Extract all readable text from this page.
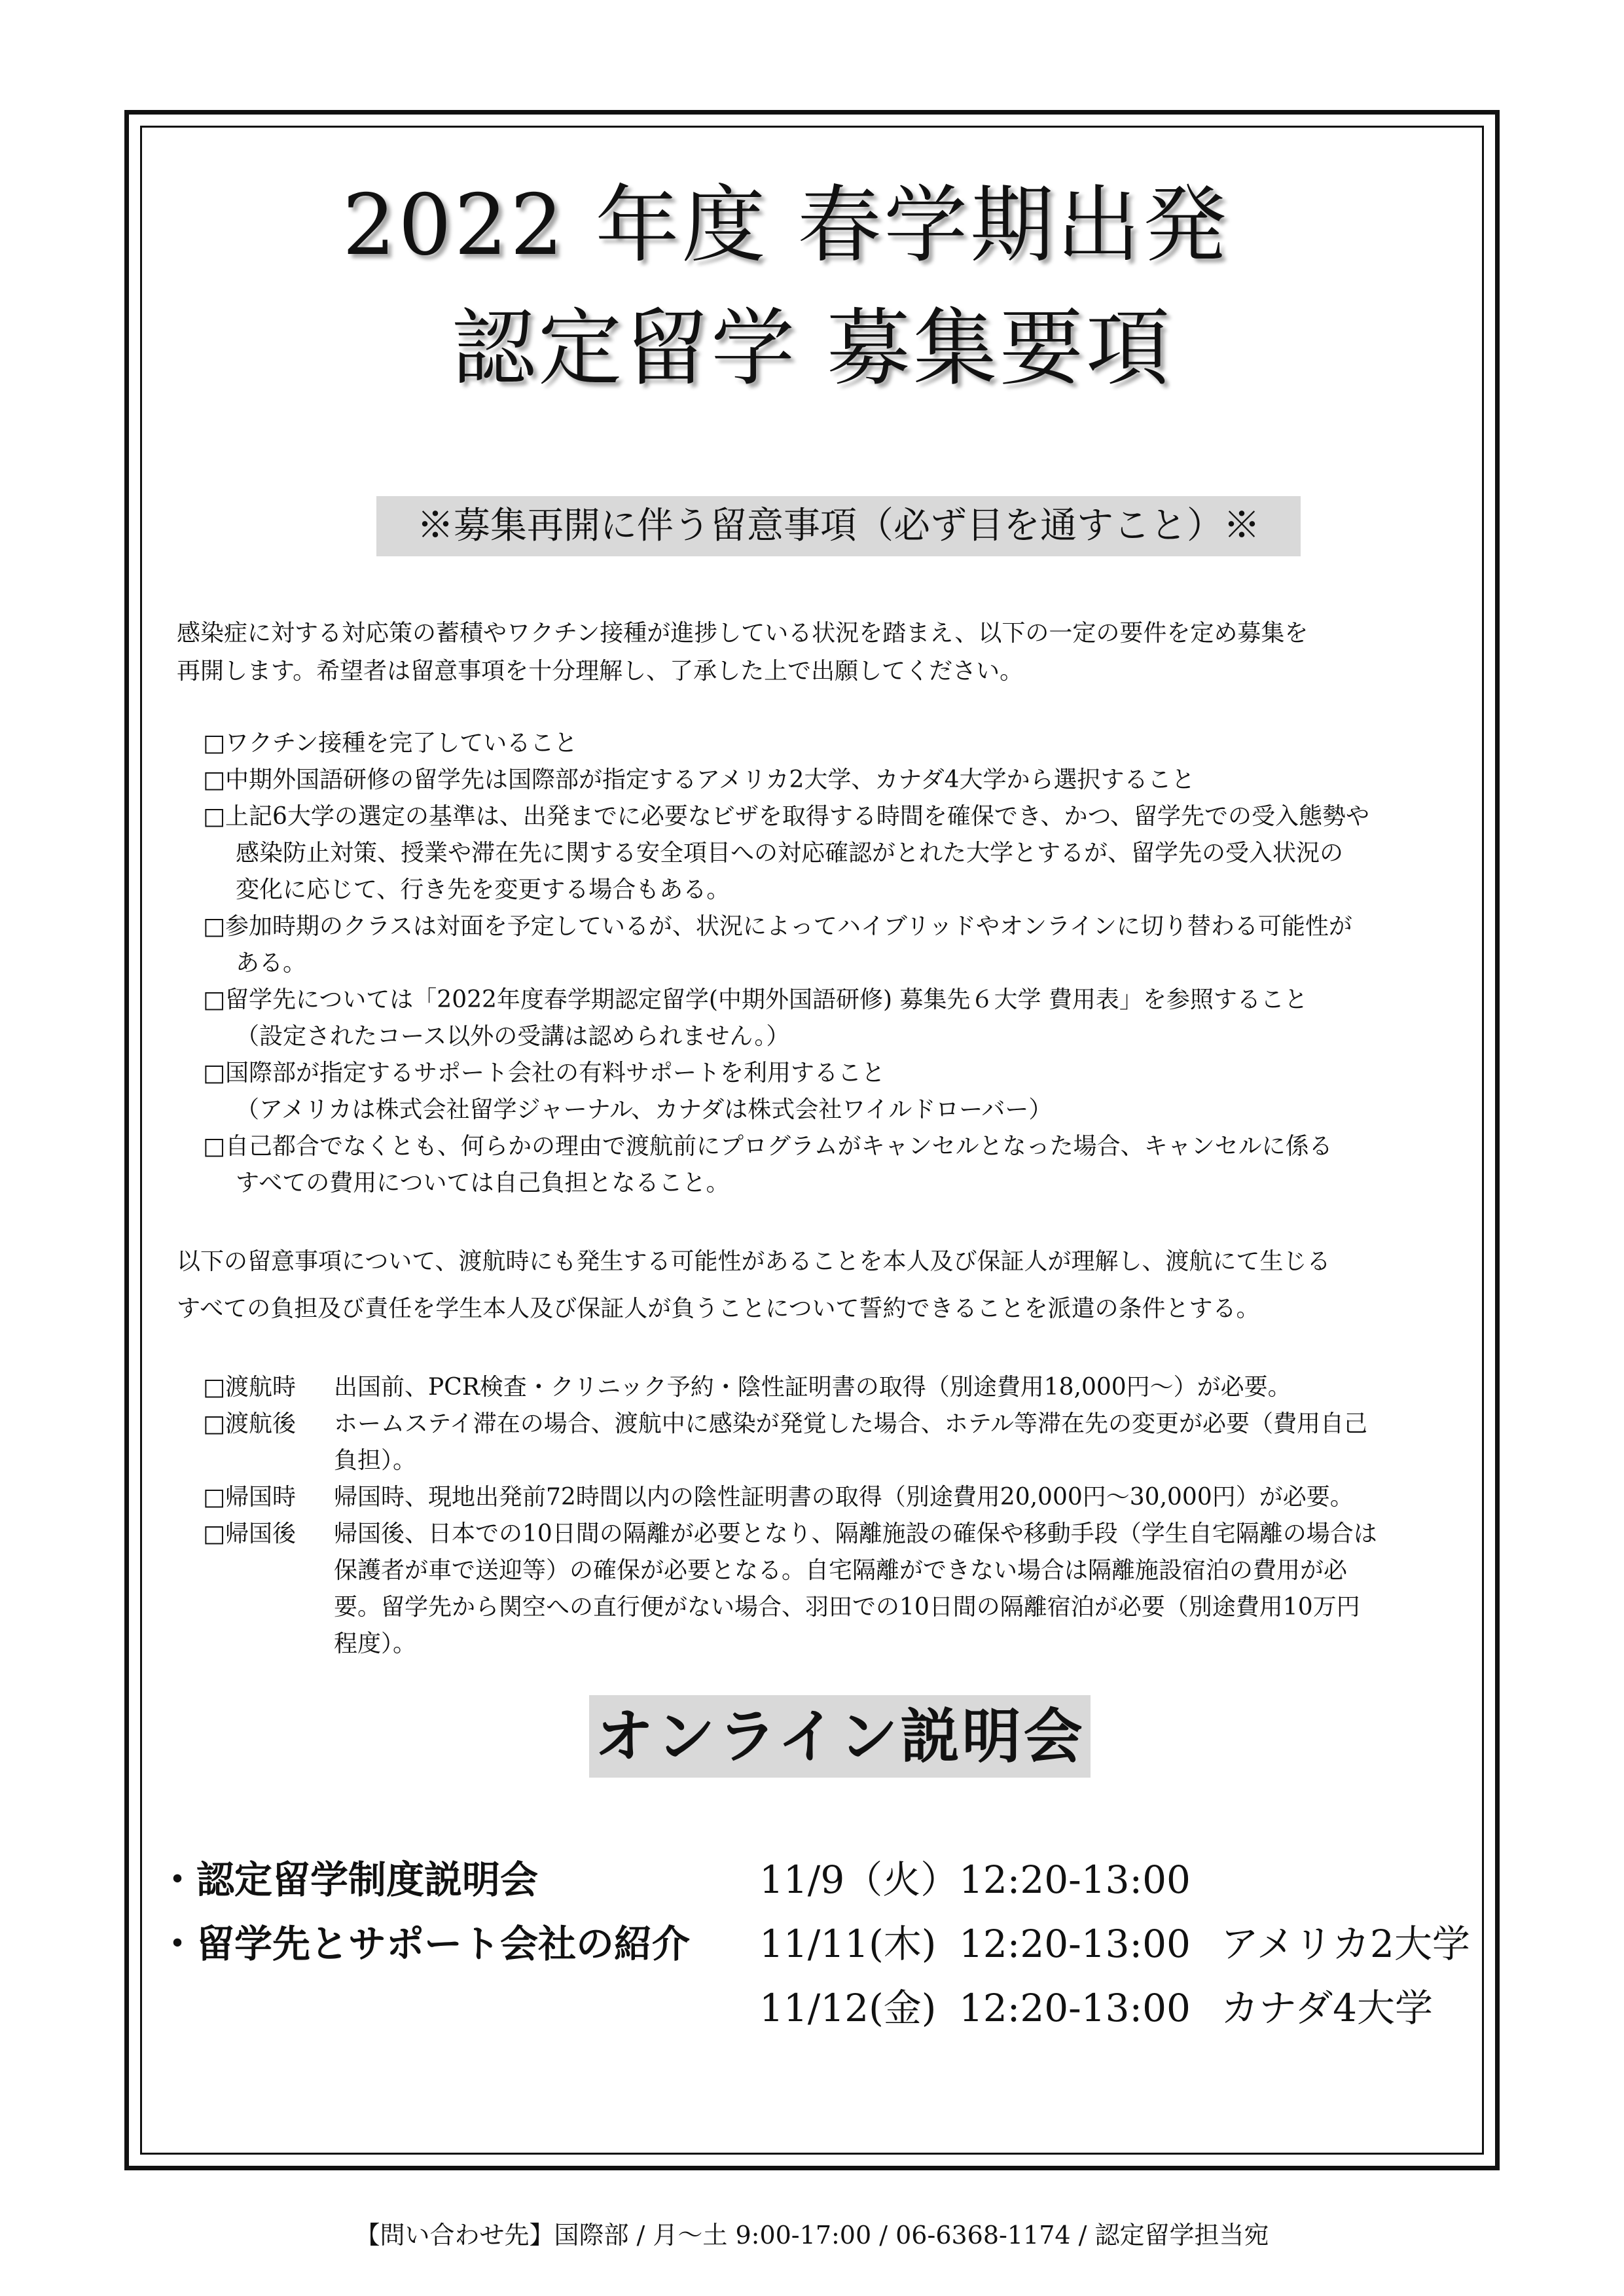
2022 年度 春学期出発
認定留学 募集要項
※募集再開に伴う留意事項（必ず目を通すこと）※
感染症に対する対応策の蓄積やワクチン接種が進捗している状況を踏まえ、以下の一定の要件を定め募集を
再開します。希望者は留意事項を十分理解し、了承した上で出願してください。
□ワクチン接種を完了していること
□中期外国語研修の留学先は国際部が指定するアメリカ2大学、カナダ4大学から選択すること
□上記6大学の選定の基準は、出発までに必要なビザを取得する時間を確保でき、かつ、留学先での受入態勢や
感染防止対策、授業や滞在先に関する安全項目への対応確認がとれた大学とするが、留学先の受入状況の
変化に応じて、行き先を変更する場合もある。
□参加時期のクラスは対面を予定しているが、状況によってハイブリッドやオンラインに切り替わる可能性が
ある。
□留学先については「2022年度春学期認定留学(中期外国語研修) 募集先６大学 費用表」を参照すること
（設定されたコース以外の受講は認められません。）
□国際部が指定するサポート会社の有料サポートを利用すること
（アメリカは株式会社留学ジャーナル、カナダは株式会社ワイルドローバー）
□自己都合でなくとも、何らかの理由で渡航前にプログラムがキャンセルとなった場合、キャンセルに係る
すべての費用については自己負担となること。
以下の留意事項について、渡航時にも発生する可能性があることを本人及び保証人が理解し、渡航にて生じる
すべての負担及び責任を学生本人及び保証人が負うことについて誓約できることを派遣の条件とする。
□渡航時 出国前、PCR検査・クリニック予約・陰性証明書の取得（別途費用18,000円～）が必要。
□渡航後 ホームステイ滞在の場合、渡航中に感染が発覚した場合、ホテル等滞在先の変更が必要（費用自己
負担）。
□帰国時 帰国時、現地出発前72時間以内の陰性証明書の取得（別途費用20,000円～30,000円）が必要。
□帰国後 帰国後、日本での10日間の隔離が必要となり、隔離施設の確保や移動手段（学生自宅隔離の場合は
保護者が車で送迎等）の確保が必要となる。自宅隔離ができない場合は隔離施設宿泊の費用が必
要。留学先から関空への直行便がない場合、羽田での10日間の隔離宿泊が必要（別途費用10万円
程度）。
オンライン説明会
・認定留学制度説明会	11/9（火） 12:20-13:00
・留学先とサポート会社の紹介 11/11(木) 12:20-13:00 アメリカ2大学
11/12(金) 12:20-13:00 カナダ4大学
【問い合わせ先】国際部 / 月～土 9:00-17:00 / 06-6368-1174 / 認定留学担当宛
